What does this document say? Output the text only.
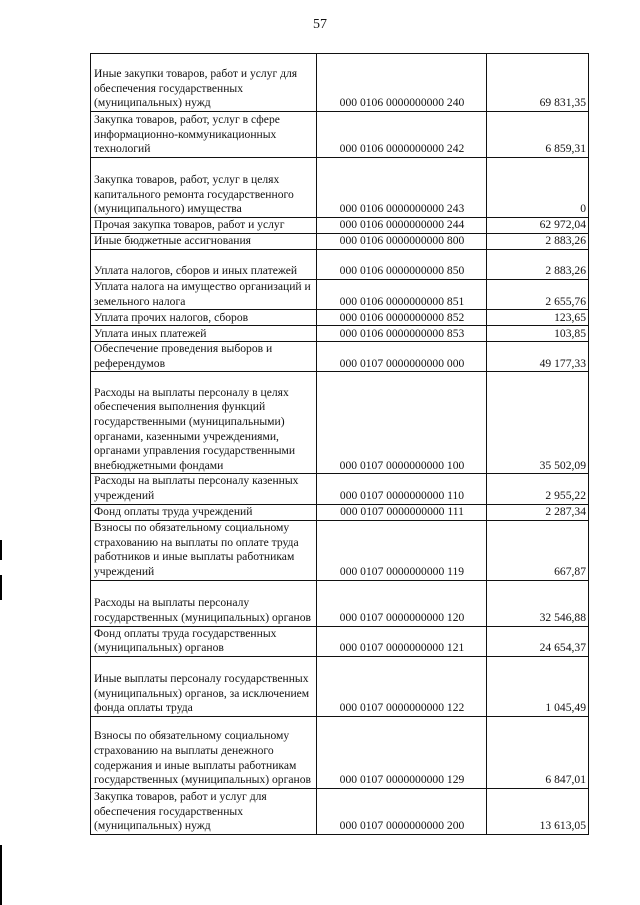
57
Иные закупки товаров, работ и услуг для обеспечения государственных (муниципальных) нужд	000 0106 0000000000 240	69 831,35
Закупка товаров, работ, услуг в сфере информационно-коммуникационных технологий	000 0106 0000000000 242	6 859,31
Закупка товаров, работ, услуг в целях капитального ремонта государственного (муниципального) имущества	000 0106 0000000000 243	0
Прочая закупка товаров, работ и услуг	000 0106 0000000000 244	62 972,04
Иные бюджетные ассигнования	000 0106 0000000000 800	2 883,26
Уплата налогов, сборов и иных платежей	000 0106 0000000000 850	2 883,26
Уплата налога на имущество организаций и земельного налога	000 0106 0000000000 851	2 655,76
Уплата прочих налогов, сборов	000 0106 0000000000 852	123,65
Уплата иных платежей	000 0106 0000000000 853	103,85
Обеспечение проведения выборов и референдумов	000 0107 0000000000 000	49 177,33
Расходы на выплаты персоналу в целях обеспечения выполнения функций государственными (муниципальными) органами, казенными учреждениями, органами управления государственными внебюджетными фондами	000 0107 0000000000 100	35 502,09
Расходы на выплаты персоналу казенных учреждений	000 0107 0000000000 110	2 955,22
Фонд оплаты труда учреждений	000 0107 0000000000 111	2 287,34
Взносы по обязательному социальному страхованию на выплаты по оплате труда работников и иные выплаты работникам учреждений	000 0107 0000000000 119	667,87
Расходы на выплаты персоналу государственных (муниципальных) органов	000 0107 0000000000 120	32 546,88
Фонд оплаты труда государственных (муниципальных) органов	000 0107 0000000000 121	24 654,37
Иные выплаты персоналу государственных (муниципальных) органов, за исключением фонда оплаты труда	000 0107 0000000000 122	1 045,49
Взносы по обязательному социальному страхованию на выплаты денежного содержания и иные выплаты работникам государственных (муниципальных) органов	000 0107 0000000000 129	6 847,01
Закупка товаров, работ и услуг для обеспечения государственных (муниципальных) нужд	000 0107 0000000000 200	13 613,05
